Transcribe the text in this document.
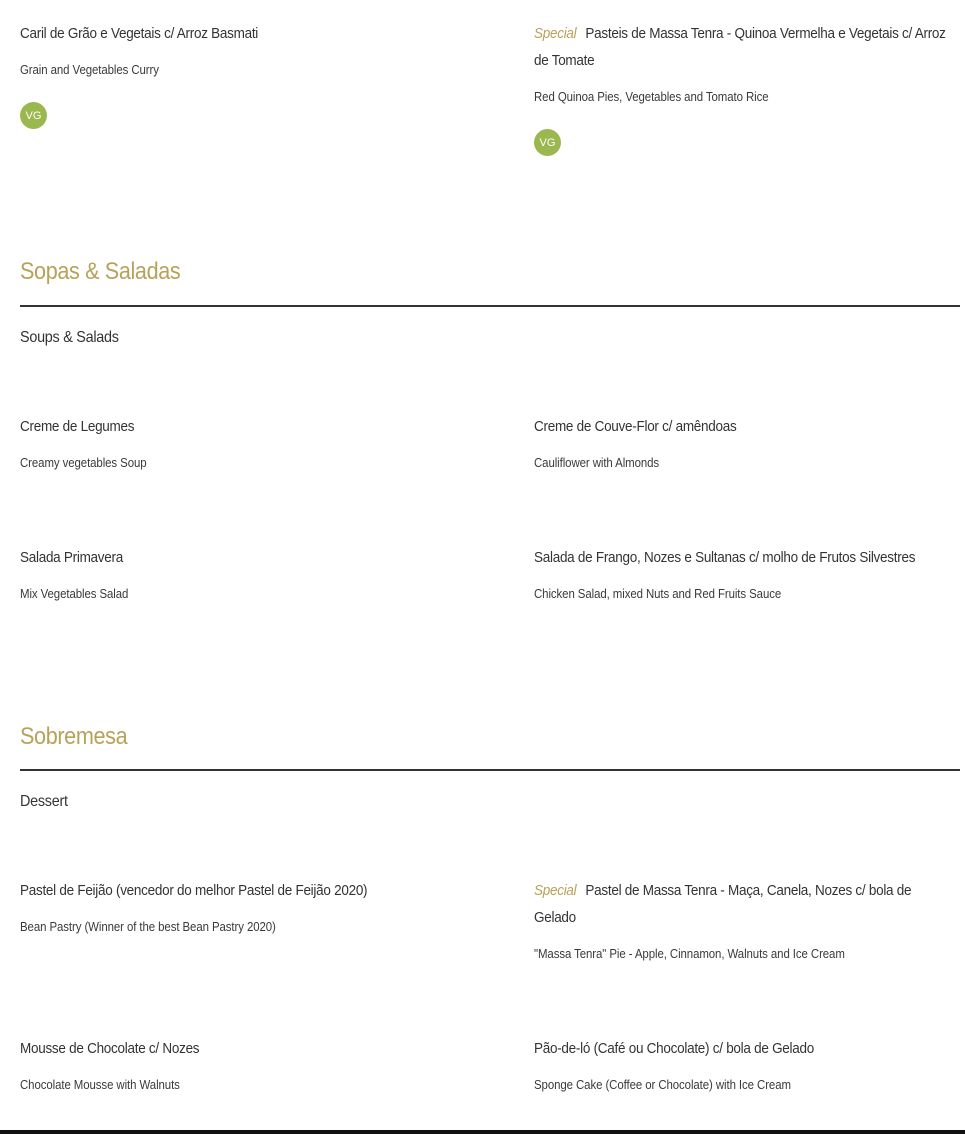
Caril de Grão e Vegetais c/ Arroz Basmati
Grain and Vegetables Curry
VG
Special Pasteis de Massa Tenra - Quinoa Vermelha e Vegetais c/ Arroz de Tomate
Red Quinoa Pies, Vegetables and Tomato Rice
VG
Sopas & Saladas
Soups & Salads
Creme de Legumes
Creamy vegetables Soup
Creme de Couve-Flor c/ amêndoas
Cauliflower with Almonds
Salada Primavera
Mix Vegetables Salad
Salada de Frango, Nozes e Sultanas c/ molho de Frutos Silvestres
Chicken Salad, mixed Nuts and Red Fruits Sauce
Sobremesa
Dessert
Pastel de Feijão (vencedor do melhor Pastel de Feijão 2020)
Bean Pastry (Winner of the best Bean Pastry 2020)
Special Pastel de Massa Tenra - Maça, Canela, Nozes c/ bola de Gelado
"Massa Tenra" Pie - Apple, Cinnamon, Walnuts and Ice Cream
Mousse de Chocolate c/ Nozes
Chocolate Mousse with Walnuts
Pão-de-ló (Café ou Chocolate) c/ bola de Gelado
Sponge Cake (Coffee or Chocolate) with Ice Cream
